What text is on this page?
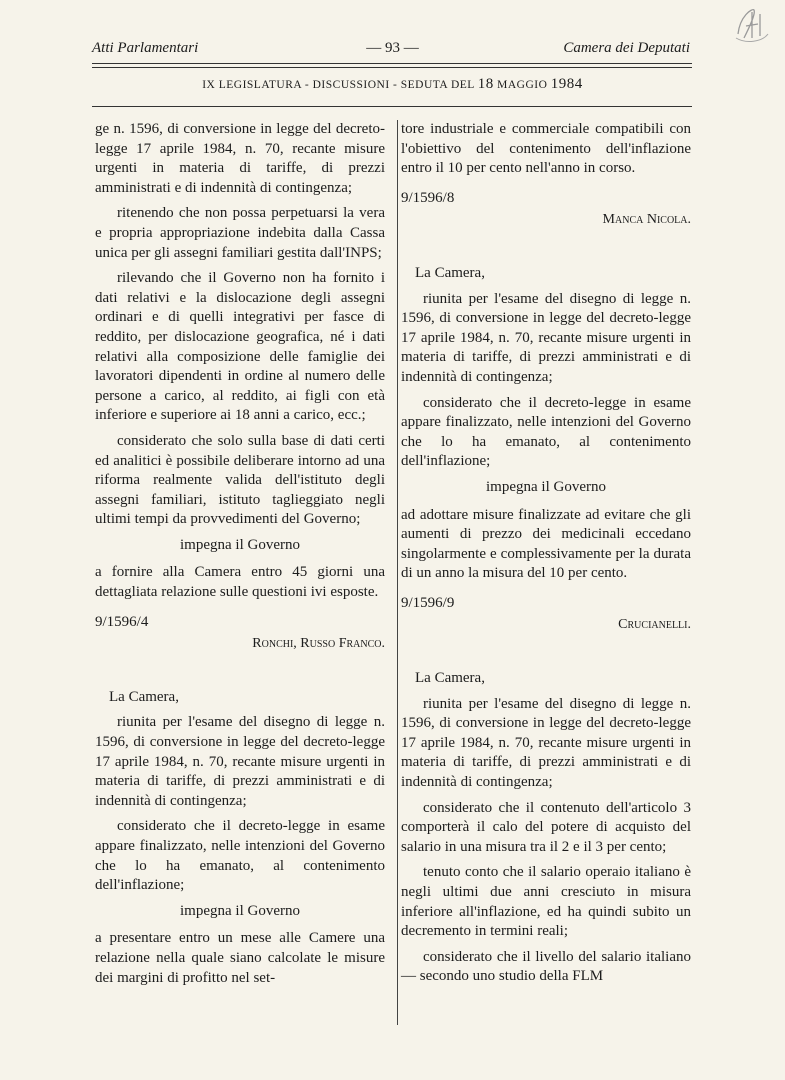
Atti Parlamentari	— 93 —	Camera dei Deputati
IX LEGISLATURA - DISCUSSIONI - SEDUTA DEL 18 MAGGIO 1984

ge n. 1596, di conversione in legge del decreto-legge 17 aprile 1984, n. 70, recante misure urgenti in materia di tariffe, di prezzi amministrati e di indennità di contingenza;

ritenendo che non possa perpetuarsi la vera e propria appropriazione indebita dalla Cassa unica per gli assegni familiari gestita dall'INPS;

rilevando che il Governo non ha fornito i dati relativi e la dislocazione degli assegni ordinari e di quelli integrativi per fasce di reddito, per dislocazione geografica, né i dati relativi alla composizione delle famiglie dei lavoratori dipendenti in ordine al numero delle persone a carico, al reddito, ai figli con età inferiore e superiore ai 18 anni a carico, ecc.;

considerato che solo sulla base di dati certi ed analitici è possibile deliberare intorno ad una riforma realmente valida dell'istituto degli assegni familiari, istituto taglieggiato negli ultimi tempi da provvedimenti del Governo;

impegna il Governo

a fornire alla Camera entro 45 giorni una dettagliata relazione sulle questioni ivi esposte.

9/1596/4

Ronchi, Russo Franco.

La Camera,

riunita per l'esame del disegno di legge n. 1596, di conversione in legge del decreto-legge 17 aprile 1984, n. 70, recante misure urgenti in materia di tariffe, di prezzi amministrati e di indennità di contingenza;

considerato che il decreto-legge in esame appare finalizzato, nelle intenzioni del Governo che lo ha emanato, al contenimento dell'inflazione;

impegna il Governo

a presentare entro un mese alle Camere una relazione nella quale siano calcolate le misure dei margini di profitto nel set-

tore industriale e commerciale compatibili con l'obiettivo del contenimento dell'inflazione entro il 10 per cento nell'anno in corso.

9/1596/8

Manca Nicola.

La Camera,

riunita per l'esame del disegno di legge n. 1596, di conversione in legge del decreto-legge 17 aprile 1984, n. 70, recante misure urgenti in materia di tariffe, di prezzi amministrati e di indennità di contingenza;

considerato che il decreto-legge in esame appare finalizzato, nelle intenzioni del Governo che lo ha emanato, al contenimento dell'inflazione;

impegna il Governo

ad adottare misure finalizzate ad evitare che gli aumenti di prezzo dei medicinali eccedano singolarmente e complessivamente per la durata di un anno la misura del 10 per cento.

9/1596/9

Crucianelli.

La Camera,

riunita per l'esame del disegno di legge n. 1596, di conversione in legge del decreto-legge 17 aprile 1984, n. 70, recante misure urgenti in materia di tariffe, di prezzi amministrati e di indennità di contingenza;

considerato che il contenuto dell'articolo 3 comporterà il calo del potere di acquisto del salario in una misura tra il 2 e il 3 per cento;

tenuto conto che il salario operaio italiano è negli ultimi due anni cresciuto in misura inferiore all'inflazione, ed ha quindi subito un decremento in termini reali;

considerato che il livello del salario italiano — secondo uno studio della FLM
